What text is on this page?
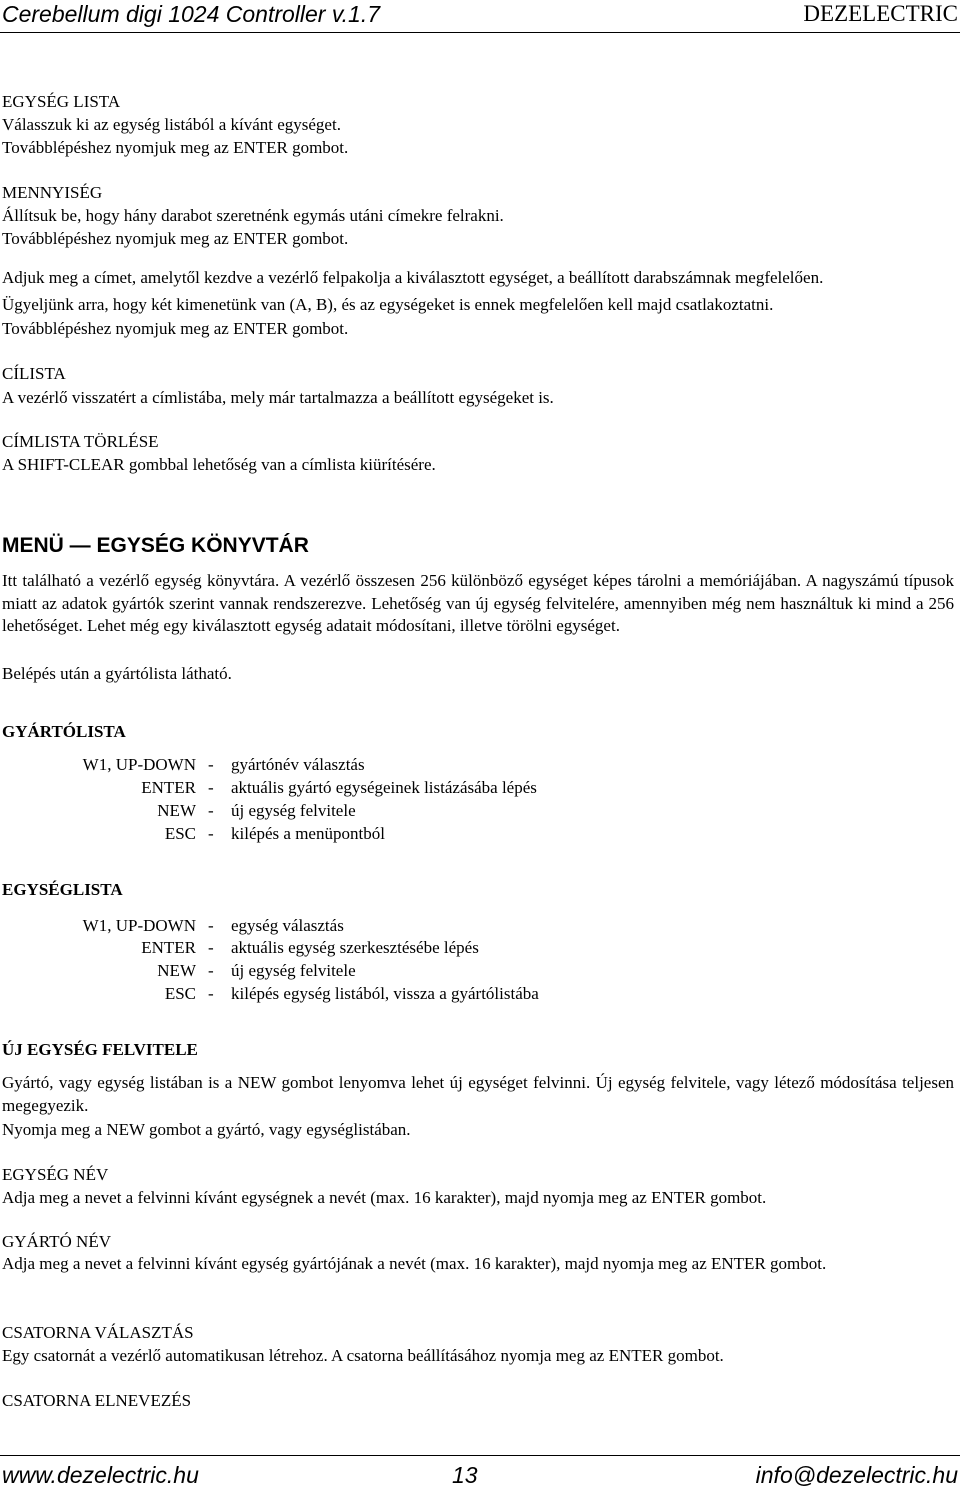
Cerebellum digi 1024 Controller v.1.7	DEZELECTRIC
EGYSÉG LISTA
Válasszuk ki az egység listából a kívánt egységet.
Továbblépéshez nyomjuk meg az ENTER gombot.
MENNYISÉG
Állítsuk be, hogy hány darabot szeretnénk egymás utáni címekre felrakni.
Továbblépéshez nyomjuk meg az ENTER gombot.
Adjuk meg a címet, amelytől kezdve a vezérlő felpakolja a kiválasztott egységet, a beállított darabszámnak megfelelően.
Ügyeljünk arra, hogy két kimenetünk van (A, B), és az egységeket is ennek megfelelően kell majd csatlakoztatni.
Továbblépéshez nyomjuk meg az ENTER gombot.
CÍLISTA
A vezérlő visszatért a címlistába, mely már tartalmazza a beállított egységeket is.
CÍMLISTA TÖRLÉSE
A SHIFT-CLEAR gombbal lehetőség van a címlista kiürítésére.
MENÜ — EGYSÉG KÖNYVTÁR
Itt található a vezérlő egység könyvtára. A vezérlő összesen 256 különböző egységet képes tárolni a memóriájában. A nagyszámú típusok miatt az adatok gyártók szerint vannak rendszerezve. Lehetőség van új egység felvitelére, amennyiben még nem használtuk ki mind a 256 lehetőséget. Lehet még egy kiválasztott egység adatait módosítani, illetve törölni egységet.
Belépés után a gyártólista látható.
GYÁRTÓLISTA
W1, UP-DOWN - gyártónév választás
ENTER - aktuális gyártó egységeinek listázásába lépés
NEW - új egység felvitele
ESC - kilépés a menüpontból
EGYSÉGLISTA
W1, UP-DOWN - egység választás
ENTER - aktuális egység szerkesztésébe lépés
NEW - új egység felvitele
ESC - kilépés egység listából, vissza a gyártólistába
ÚJ EGYSÉG FELVITELE
Gyártó, vagy egység listában is a NEW gombot lenyomva lehet új egységet felvinni. Új egység felvitele, vagy létező módosítása teljesen megegyezik.
Nyomja meg a NEW gombot a gyártó, vagy egységlistában.
EGYSÉG NÉV
Adja meg a nevet a felvinni kívánt egységnek a nevét (max. 16 karakter), majd nyomja meg az ENTER gombot.
GYÁRTÓ NÉV
Adja meg a nevet a felvinni kívánt egység gyártójának a nevét (max. 16 karakter), majd nyomja meg az ENTER gombot.
CSATORNA VÁLASZTÁS
Egy csatornát a vezérlő automatikusan létrehoz. A csatorna beállításához nyomja meg az ENTER gombot.
CSATORNA ELNEVEZÉS
www.dezelectric.hu	13	info@dezelectric.hu
